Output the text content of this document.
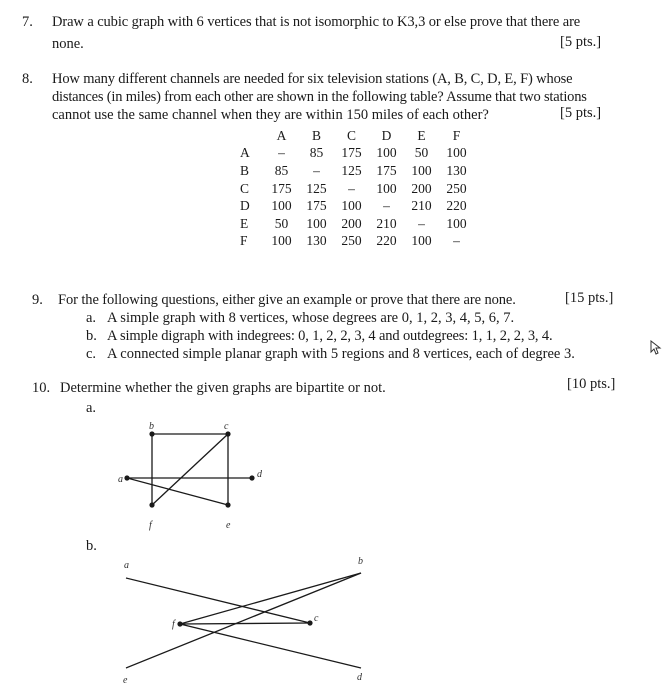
7. Draw a cubic graph with 6 vertices that is not isomorphic to K3,3 or else prove that there are
none.	[5 pts.]
8. How many different channels are needed for six television stations (A, B, C, D, E, F) whose
distances (in miles) from each other are shown in the following table? Assume that two stations
cannot use the same channel when they are within 150 miles of each other?	[5 pts.]
	A	B	C	D	E	F
A	–	85	175	100	50	100
B	85	–	125	175	100	130
C	175	125	–	100	200	250
D	100	175	100	–	210	220
E	50	100	200	210	–	100
F	100	130	250	220	100	–
9. For the following questions, either give an example or prove that there are none.	[15 pts.]
a. A simple graph with 8 vertices, whose degrees are 0, 1, 2, 3, 4, 5, 6, 7.
b. A simple digraph with indegrees: 0, 1, 2, 2, 3, 4 and outdegrees: 1, 1, 2, 2, 3, 4.
c. A connected simple planar graph with 5 regions and 8 vertices, each of degree 3.
10. Determine whether the given graphs are bipartite or not.	[10 pts.]
a.
b.
a
b	c
d
e
f
a	b
c
d
e
f
